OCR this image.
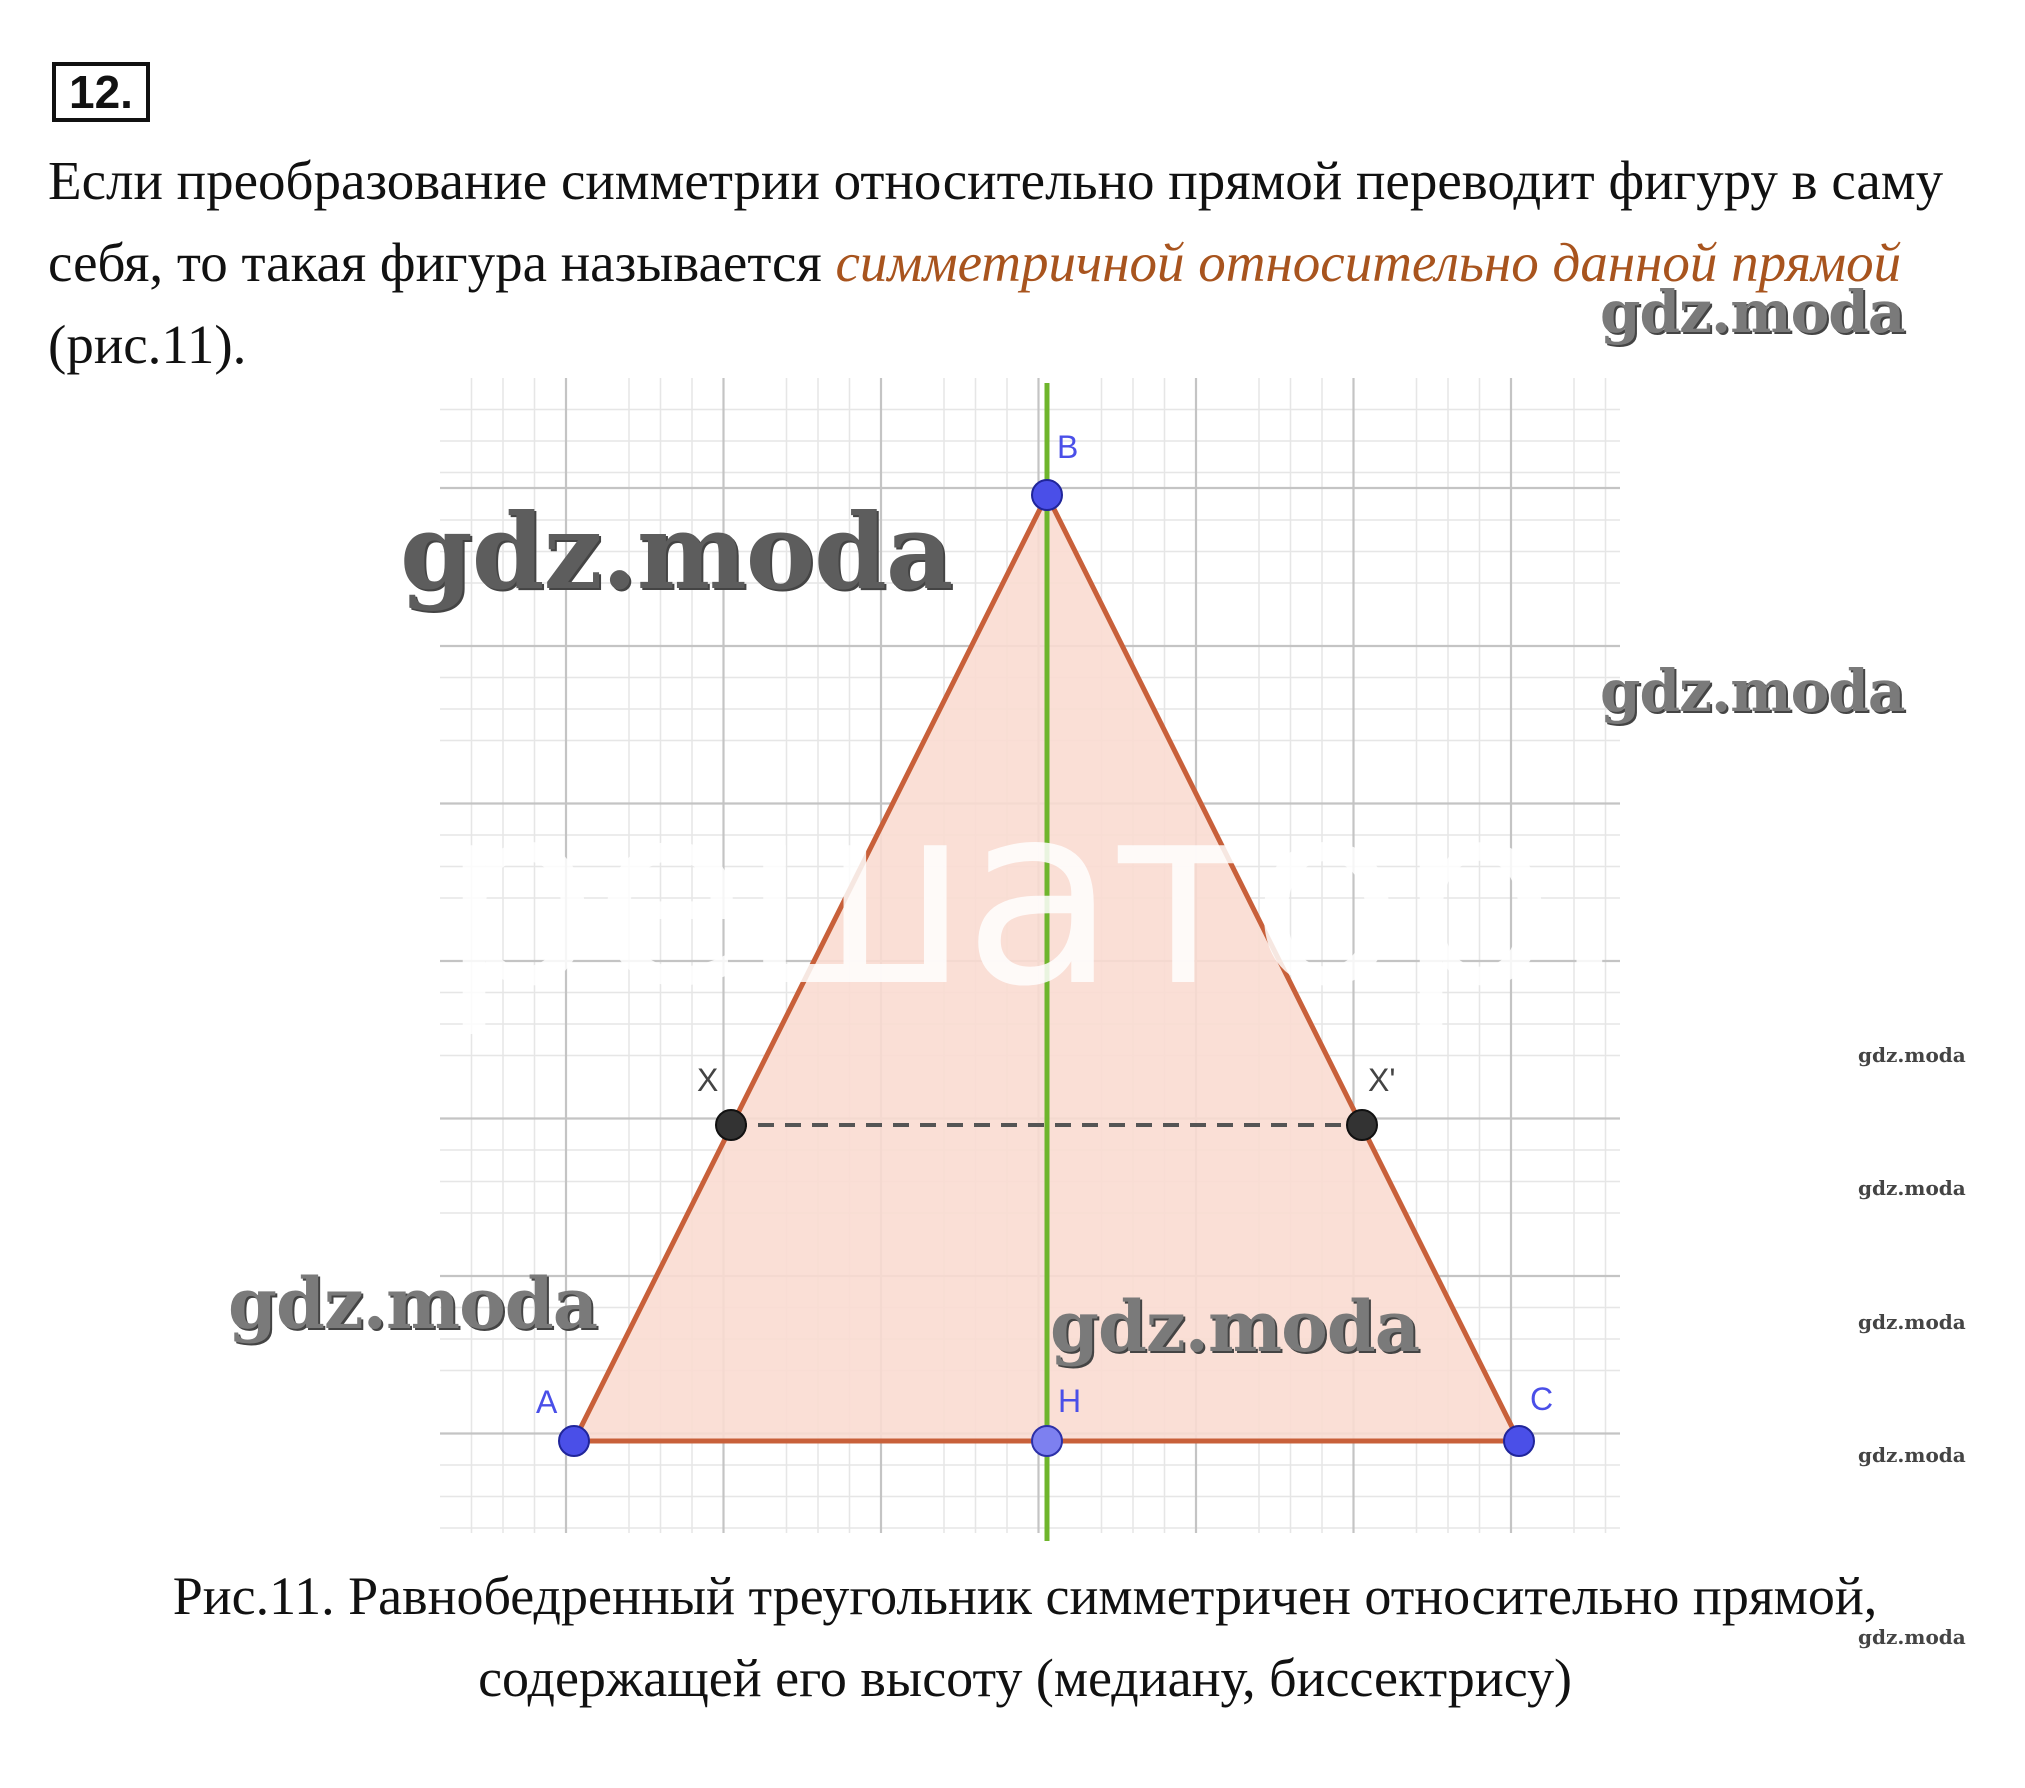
12.
Если преобразование симметрии относительно прямой переводит фигуру в саму себя, то такая фигура называется симметричной относительно данной прямой (рис.11).
B
A	C
H
X	X'
решатор.р
gdz.moda
gdz.moda
gdz.moda
gdz.moda	gdz.moda
gdz.moda
gdz.moda
gdz.moda
gdz.moda
gdz.moda
Рис.11. Равнобедренный треугольник симметричен относительно прямой,
содержащей его высоту (медиану, биссектрису)
